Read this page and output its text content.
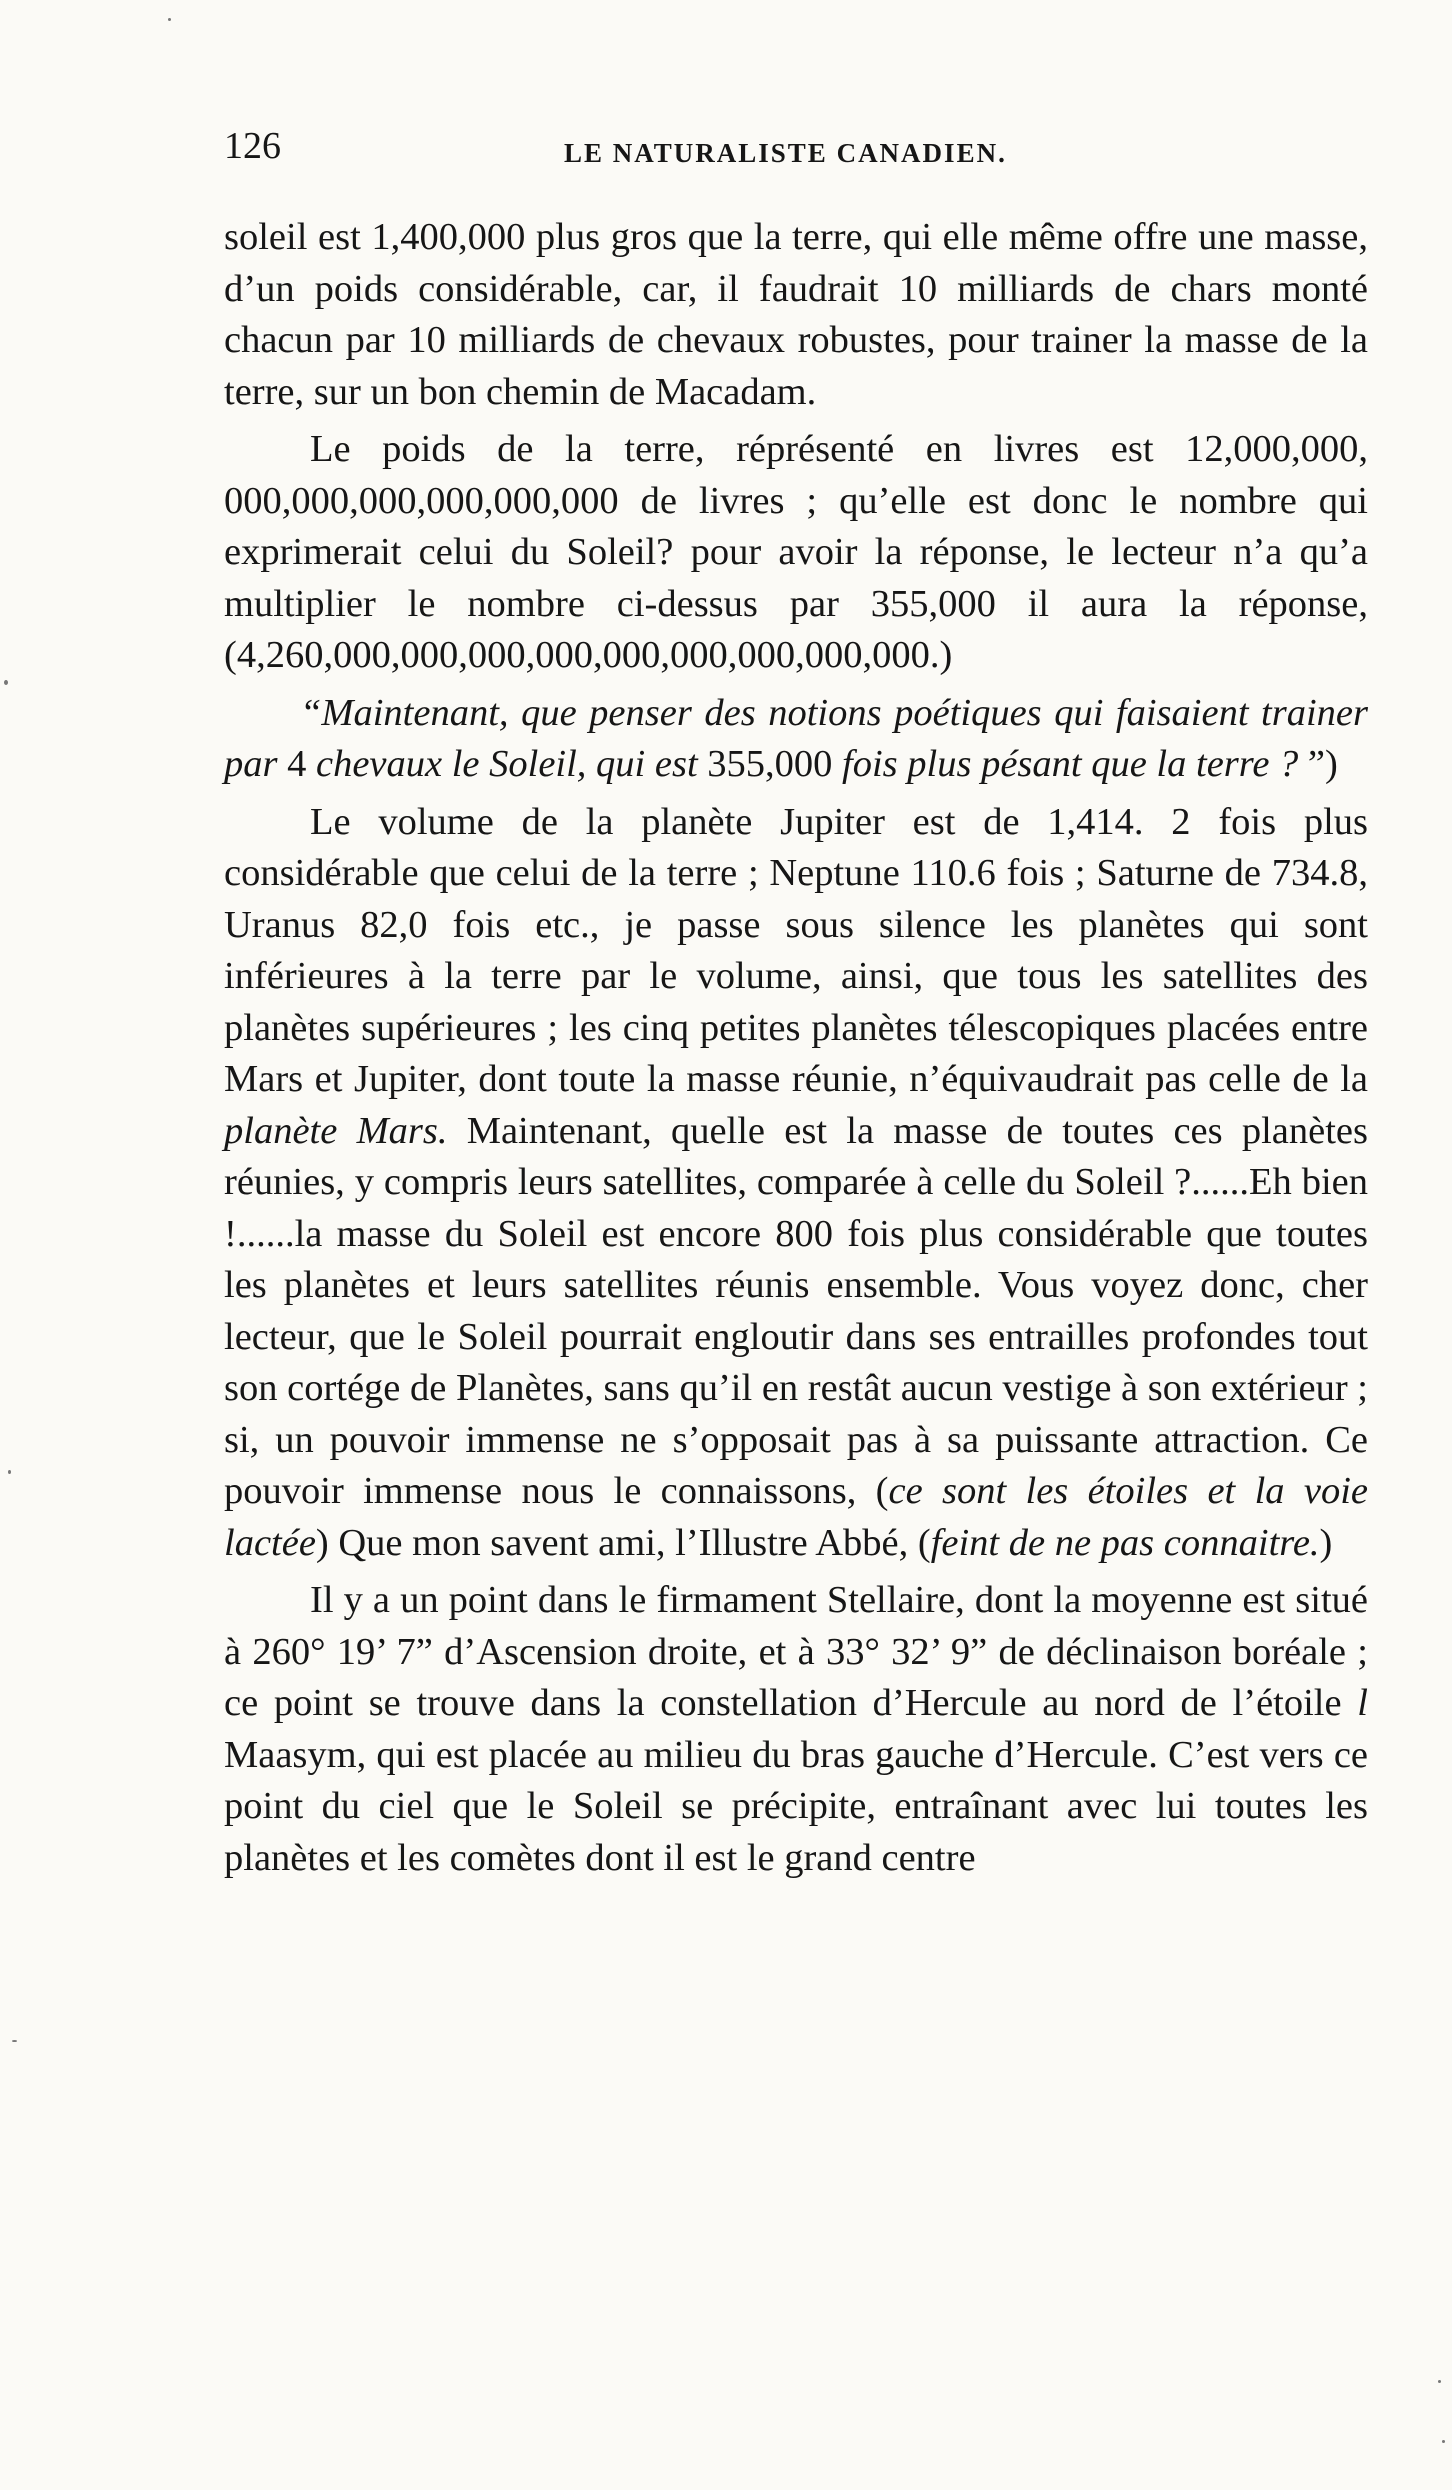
126	LE NATURALISTE CANADIEN.

soleil est 1,400,000 plus gros que la terre, qui elle même offre une masse, d’un poids considérable, car, il faudrait 10 milliards de chars monté chacun par 10 milliards de chevaux robustes, pour trainer la masse de la terre, sur un bon chemin de Macadam.

Le poids de la terre, réprésenté en livres est 12,000,000, 000,000,000,000,000,000 de livres ; qu’elle est donc le nombre qui exprimerait celui du Soleil? pour avoir la réponse, le lecteur n’a qu’a multiplier le nombre ci-dessus par 355,000 il aura la réponse, (4,260,000,000,000,000,000,000,000,000,000.)

“Maintenant, que penser des notions poétiques qui faisaient trainer par 4 chevaux le Soleil, qui est 355,000 fois plus pésant que la terre ? ”)

Le volume de la planète Jupiter est de 1,414. 2 fois plus considérable que celui de la terre ; Neptune 110.6 fois ; Saturne de 734.8, Uranus 82,0 fois etc., je passe sous silence les planètes qui sont inférieures à la terre par le volume, ainsi, que tous les satellites des planètes supérieures ; les cinq petites planètes télescopiques placées entre Mars et Jupiter, dont toute la masse réunie, n’équivaudrait pas celle de la planète Mars. Maintenant, quelle est la masse de toutes ces planètes réunies, y compris leurs satellites, comparée à celle du Soleil ?......Eh bien !......la masse du Soleil est encore 800 fois plus considérable que toutes les planètes et leurs satellites réunis ensemble. Vous voyez donc, cher lecteur, que le Soleil pourrait engloutir dans ses entrailles profondes tout son cortége de Planètes, sans qu’il en restât aucun vestige à son extérieur ; si, un pouvoir immense ne s’opposait pas à sa puissante attraction. Ce pouvoir immense nous le connaissons, (ce sont les étoiles et la voie lactée) Que mon savent ami, l’Illustre Abbé, (feint de ne pas connaitre.)

Il y a un point dans le firmament Stellaire, dont la moyenne est situé à 260° 19’ 7” d’Ascension droite, et à 33° 32’ 9” de déclinaison boréale ; ce point se trouve dans la constellation d’Hercule au nord de l’étoile l Maasym, qui est placée au milieu du bras gauche d’Hercule. C’est vers ce point du ciel que le Soleil se précipite, entraînant avec lui toutes les planètes et les comètes dont il est le grand centre
